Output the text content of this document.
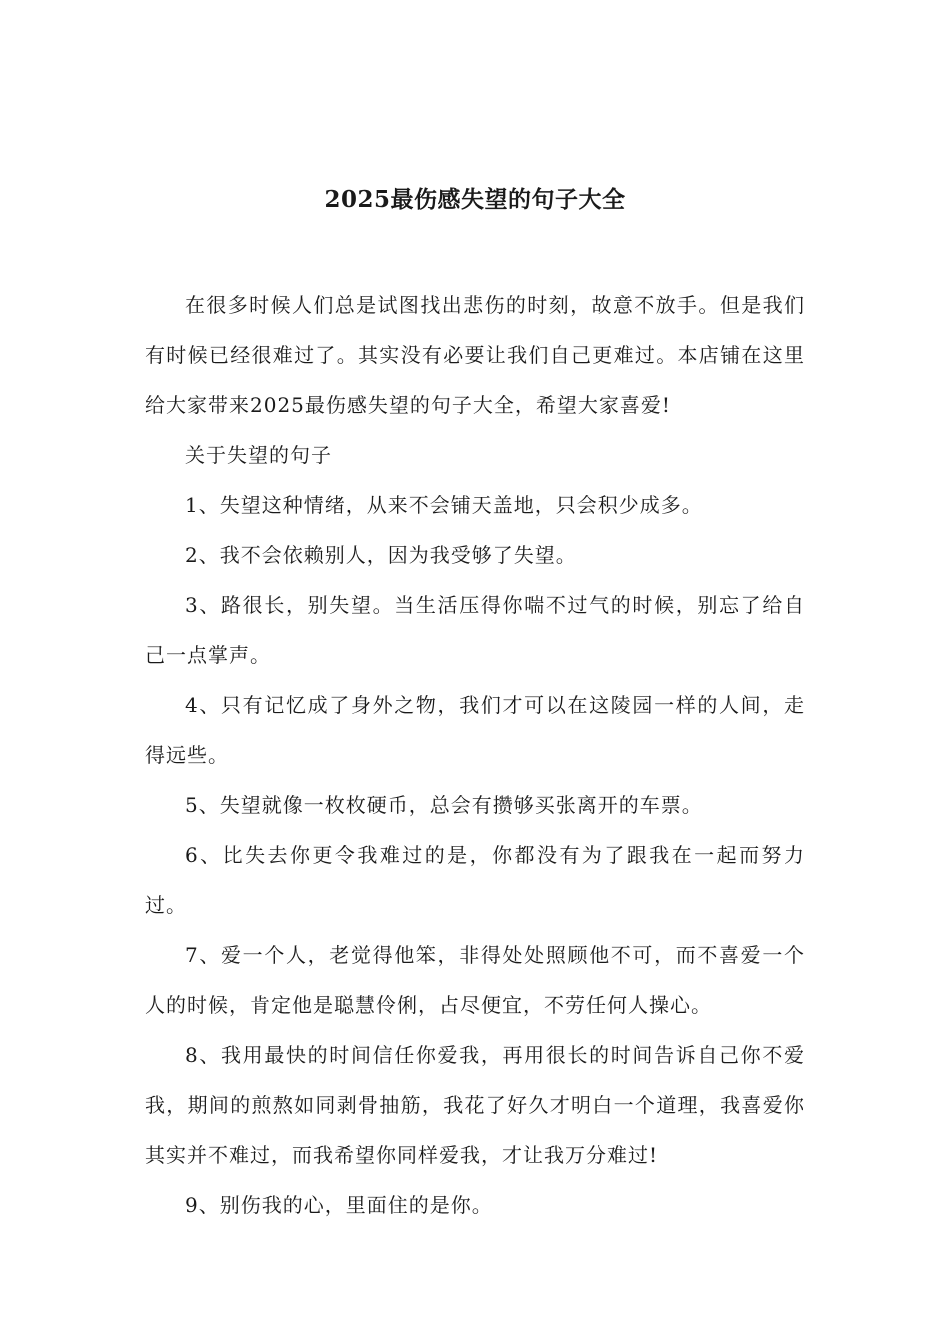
2025最伤感失望的句子大全

在很多时候人们总是试图找出悲伤的时刻，故意不放手。但是我们有时候已经很难过了。其实没有必要让我们自己更难过。本店铺在这里给大家带来2025最伤感失望的句子大全，希望大家喜爱!

关于失望的句子

1、失望这种情绪，从来不会铺天盖地，只会积少成多。

2、我不会依赖别人，因为我受够了失望。

3、路很长，别失望。当生活压得你喘不过气的时候，别忘了给自己一点掌声。

4、只有记忆成了身外之物，我们才可以在这陵园一样的人间，走得远些。

5、失望就像一枚枚硬币，总会有攒够买张离开的车票。

6、比失去你更令我难过的是，你都没有为了跟我在一起而努力过。

7、爱一个人，老觉得他笨，非得处处照顾他不可，而不喜爱一个人的时候，肯定他是聪慧伶俐，占尽便宜，不劳任何人操心。

8、我用最快的时间信任你爱我，再用很长的时间告诉自己你不爱我，期间的煎熬如同剥骨抽筋，我花了好久才明白一个道理，我喜爱你其实并不难过，而我希望你同样爱我，才让我万分难过!

9、别伤我的心，里面住的是你。
